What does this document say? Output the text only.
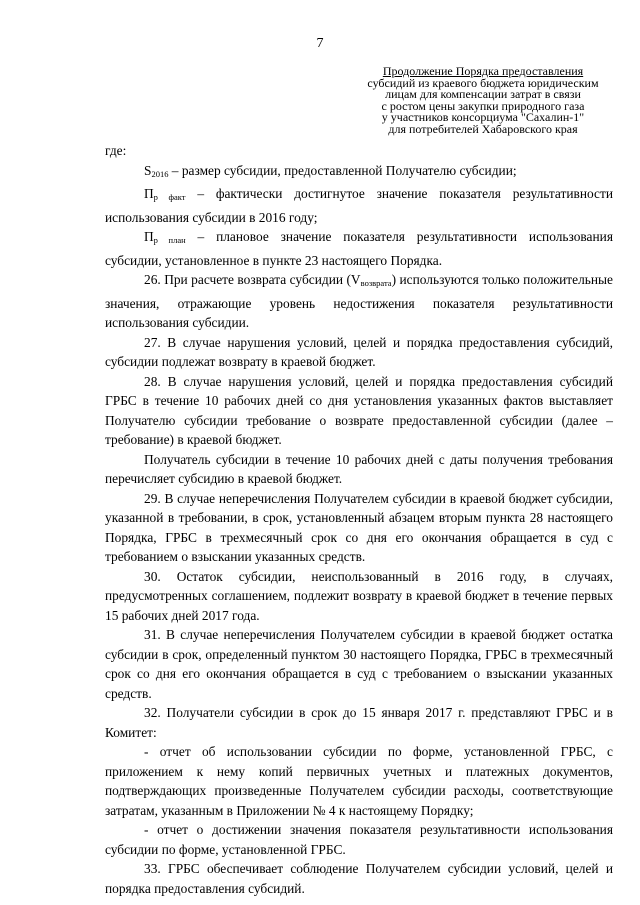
7
Продолжение Порядка предоставления
субсидий из краевого бюджета юридическим
лицам для компенсации затрат в связи
с ростом цены закупки природного газа
у участников консорциума "Сахалин-1"
для потребителей Хабаровского края

где:

$S_{2016}$ – размер субсидии, предоставленной Получателю субсидии;

$П_{р факт}$ – фактически достигнутое значение показателя результативности использования субсидии в 2016 году;

$П_{р план}$ – плановое значение показателя результативности использования субсидии, установленное в пункте 23 настоящего Порядка.

26. При расчете возврата субсидии $(V_{возврата})$ используются только положительные значения, отражающие уровень недостижения показателя результативности использования субсидии.

27. В случае нарушения условий, целей и порядка предоставления субсидий, субсидии подлежат возврату в краевой бюджет.

28. В случае нарушения условий, целей и порядка предоставления субсидий ГРБС в течение 10 рабочих дней со дня установления указанных фактов выставляет Получателю субсидии требование о возврате предоставленной субсидии (далее – требование) в краевой бюджет.

Получатель субсидии в течение 10 рабочих дней с даты получения требования перечисляет субсидию в краевой бюджет.

29. В случае неперечисления Получателем субсидии в краевой бюджет субсидии, указанной в требовании, в срок, установленный абзацем вторым пункта 28 настоящего Порядка, ГРБС в трехмесячный срок со дня его окончания обращается в суд с требованием о взыскании указанных средств.

30. Остаток субсидии, неиспользованный в 2016 году, в случаях, предусмотренных соглашением, подлежит возврату в краевой бюджет в течение первых 15 рабочих дней 2017 года.

31. В случае неперечисления Получателем субсидии в краевой бюджет остатка субсидии в срок, определенный пунктом 30 настоящего Порядка, ГРБС в трехмесячный срок со дня его окончания обращается в суд с требованием о взыскании указанных средств.

32. Получатели субсидии в срок до 15 января 2017 г. представляют ГРБС и в Комитет:

- отчет об использовании субсидии по форме, установленной ГРБС, с приложением к нему копий первичных учетных и платежных документов, подтверждающих произведенные Получателем субсидии расходы, соответствующие затратам, указанным в Приложении № 4 к настоящему Порядку;

- отчет о достижении значения показателя результативности использования субсидии по форме, установленной ГРБС.

33. ГРБС обеспечивает соблюдение Получателем субсидии условий, целей и порядка предоставления субсидий.
